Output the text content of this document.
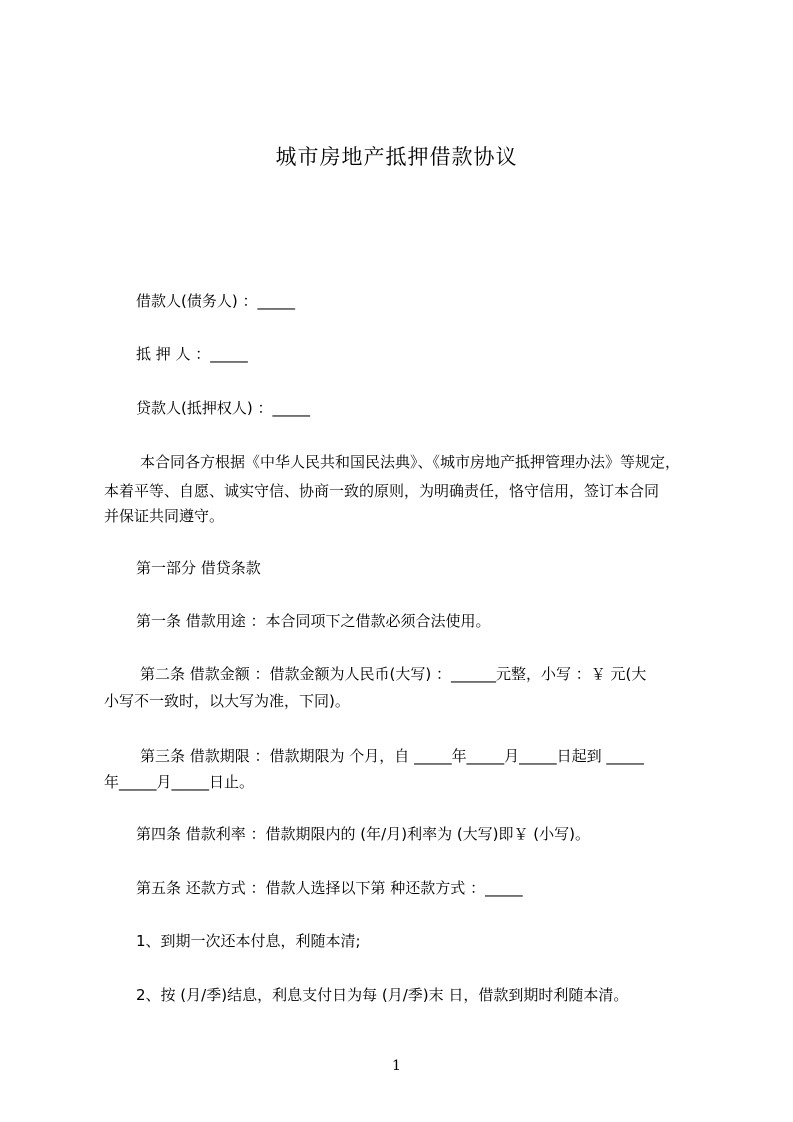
城市房地产抵押借款协议
借款人(债务人) ：_____
抵 押 人 ：_____
贷款人(抵押权人) ：_____
本合同各方根据《中华人民共和国民法典》、《城市房地产抵押管理办法》等规定，
本着平等、自愿、诚实守信、协商一致的原则，为明确责任，恪守信用，签订本合同
并保证共同遵守。
第一部分 借贷条款
第一条 借款用途 ：本合同项下之借款必须合法使用。
第二条 借款金额 ：借款金额为人民币(大写) ：______元整，小写 ：￥ 元(大
小写不一致时，以大写为准，下同)。
第三条 借款期限 ：借款期限为 个月，自 _____年_____月_____日起到 _____
年_____月_____日止。
第四条 借款利率 ：借款期限内的 (年/月)利率为 (大写)即￥ (小写)。
第五条 还款方式 ：借款人选择以下第 种还款方式 ：_____
1、到期一次还本付息，利随本清;
2、按 (月/季)结息，利息支付日为每 (月/季)末 日，借款到期时利随本清。
1
